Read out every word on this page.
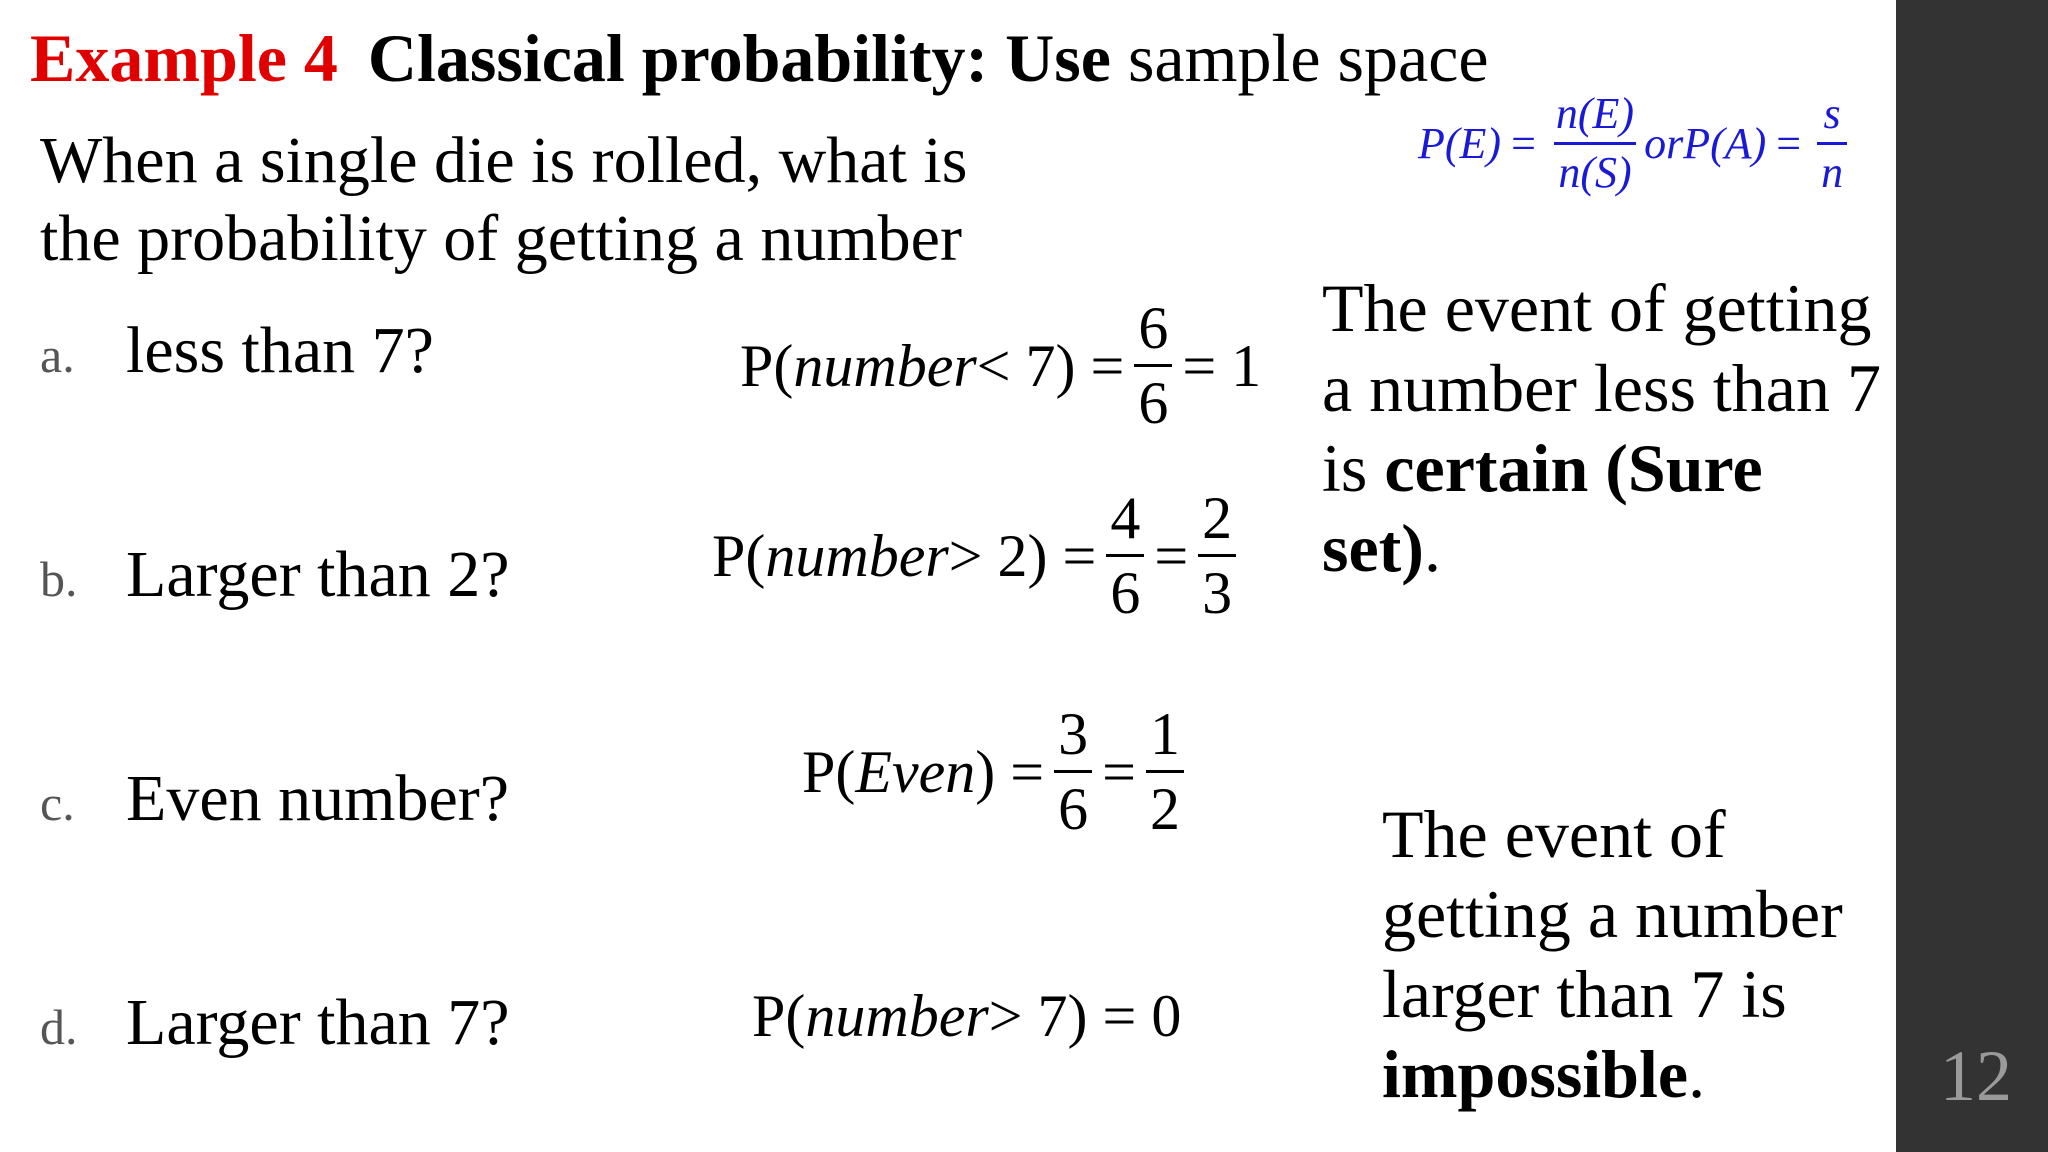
Example 4 Classical probability: Use sample space
$P(E) = \frac{n(E)}{n(S)} orP(A) = \frac{s}{n}$
When a single die is rolled, what is the probability of getting a number
a. less than 7?
b. Larger than 2?
c. Even number?
d. Larger than 7?
P( number < $7) = \frac{6}{6} = 1$
P( number > $2) = \frac{4}{6} = \frac{2}{3}$
P( Even ) = $\frac{3}{6} = \frac{1}{2}$
P( number > 7) = 0
The event of getting a number less than 7 is certain (Sure set).
The event of getting a number larger than 7 is impossible.	12
